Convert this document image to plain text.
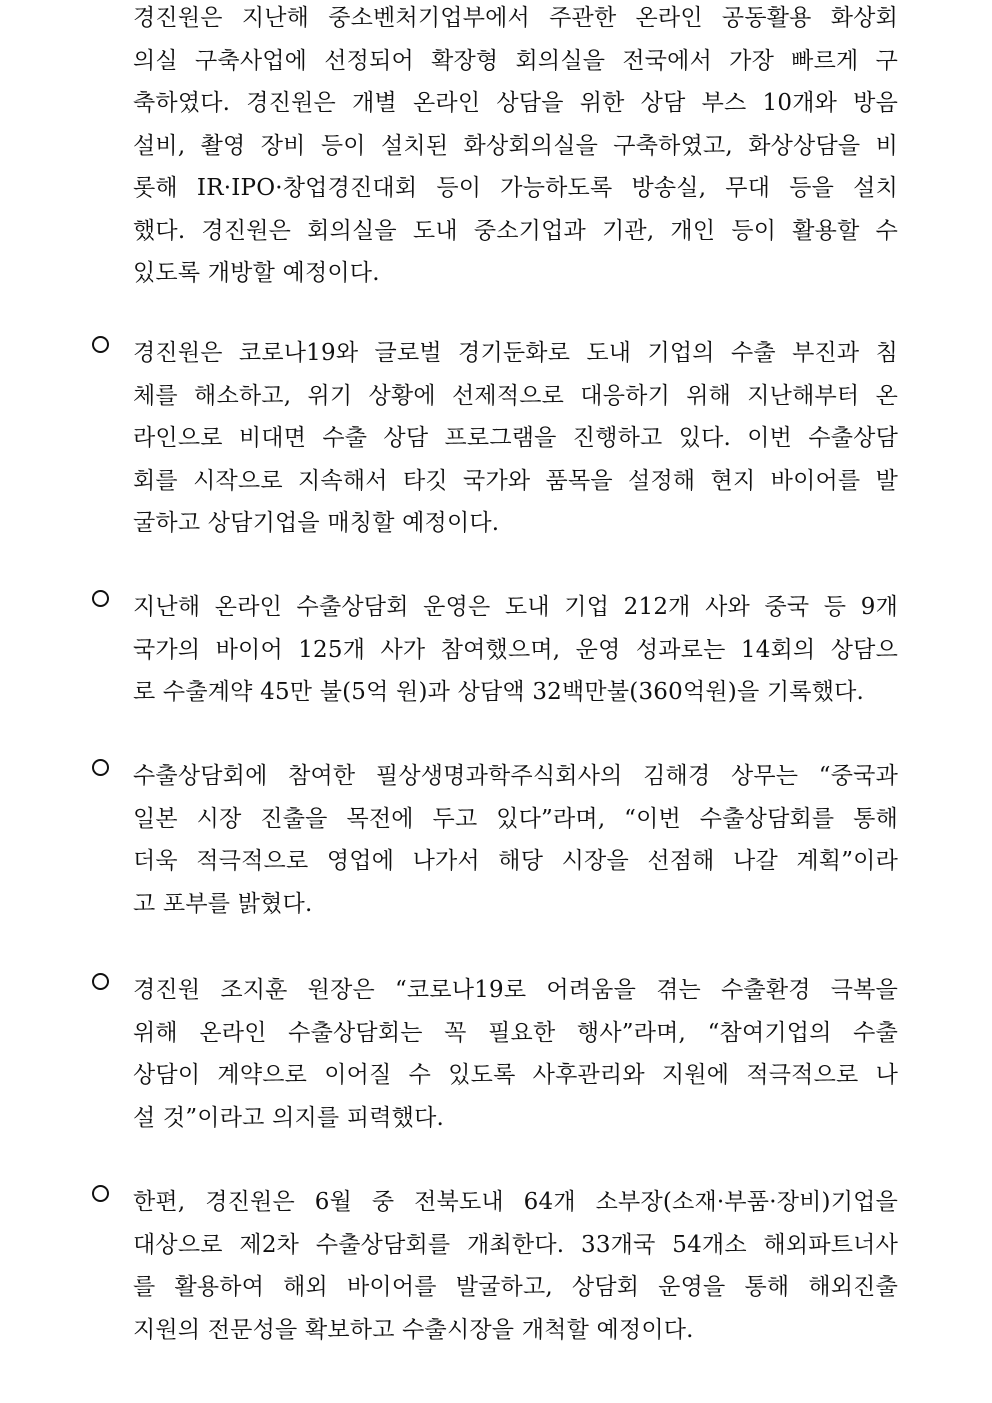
경진원은 지난해 중소벤처기업부에서 주관한 온라인 공동활용 화상회
의실 구축사업에 선정되어 확장형 회의실을 전국에서 가장 빠르게 구
축하였다. 경진원은 개별 온라인 상담을 위한 상담 부스 10개와 방음
설비, 촬영 장비 등이 설치된 화상회의실을 구축하였고, 화상상담을 비
롯해 IR·IPO·창업경진대회 등이 가능하도록 방송실, 무대 등을 설치
했다. 경진원은 회의실을 도내 중소기업과 기관, 개인 등이 활용할 수
있도록 개방할 예정이다.
경진원은 코로나19와 글로벌 경기둔화로 도내 기업의 수출 부진과 침
체를 해소하고, 위기 상황에 선제적으로 대응하기 위해 지난해부터 온
라인으로 비대면 수출 상담 프로그램을 진행하고 있다. 이번 수출상담
회를 시작으로 지속해서 타깃 국가와 품목을 설정해 현지 바이어를 발
굴하고 상담기업을 매칭할 예정이다.
지난해 온라인 수출상담회 운영은 도내 기업 212개 사와 중국 등 9개
국가의 바이어 125개 사가 참여했으며, 운영 성과로는 14회의 상담으
로 수출계약 45만 불(5억 원)과 상담액 32백만불(360억원)을 기록했다.
수출상담회에 참여한 필상생명과학주식회사의 김해경 상무는 “중국과
일본 시장 진출을 목전에 두고 있다”라며, “이번 수출상담회를 통해
더욱 적극적으로 영업에 나가서 해당 시장을 선점해 나갈 계획”이라
고 포부를 밝혔다.
경진원 조지훈 원장은 “코로나19로 어려움을 겪는 수출환경 극복을
위해 온라인 수출상담회는 꼭 필요한 행사”라며, “참여기업의 수출
상담이 계약으로 이어질 수 있도록 사후관리와 지원에 적극적으로 나
설 것”이라고 의지를 피력했다.
한편, 경진원은 6월 중 전북도내 64개 소부장(소재·부품·장비)기업을
대상으로 제2차 수출상담회를 개최한다. 33개국 54개소 해외파트너사
를 활용하여 해외 바이어를 발굴하고, 상담회 운영을 통해 해외진출
지원의 전문성을 확보하고 수출시장을 개척할 예정이다.
